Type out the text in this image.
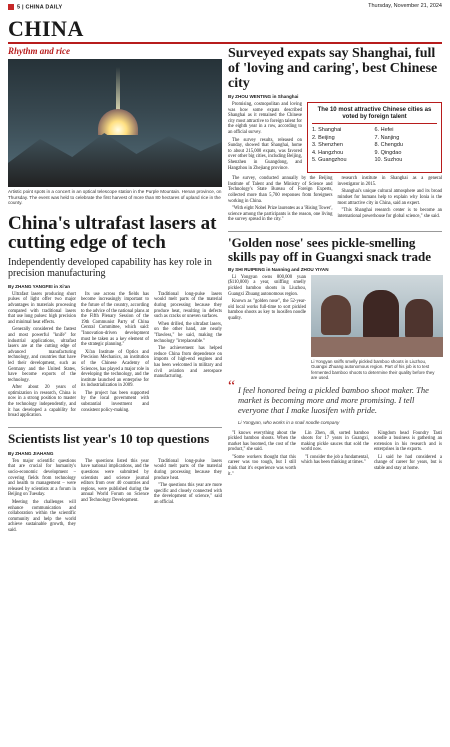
5 | CHINA DAILY	Thursday, November 21, 2024
CHINA
Rhythm and rice
Artistic point spots in a concert in an optical telescope station in the Purple Mountain. Henan province, on Thursday. The event was held to celebrate the first harvest of more than 80 hectares of upland rice in the county.
China's ultrafast lasers at cutting edge of tech
Independently developed capability has key role in precision manufacturing
By ZHANG YANGFEI in Xi'an

Ultrafast lasers producing short pulses of light offer two major advantages in materials processing compared with traditional lasers that use long pulses: high precision and minimal heat effects.

Generally considered the fastest and most powerful "knife" for industrial applications, ultrafast lasers are at the cutting edge of advanced manufacturing technology, and countries that have led their development, such as Germany and the United States, have become exports of the technology.

After about 20 years of optimization in research, China is now in a strong position to master the technology independently, and it has developed a capability for broad application.

Its use across the fields has become increasingly important to the future of the country, according to the advice of the national plans at the Fifth Plenary Session of the 19th Communist Party of China Central Committee, which said: "Innovation-driven development must be taken as a key element of the strategic planning."

Xi'an Institute of Optics and Precision Mechanics, an institution of the Chinese Academy of Sciences, has played a major role in developing the technology, and the institute launched an enterprise for its industrialization in 2009.

The project has been supported by the local government with substantial investment and consistent policy-making.

Traditional long-pulse lasers would melt parts of the material during processing because they produce heat, resulting in defects such as cracks or uneven surfaces.

When drilled, the ultrafast lasers, on the other hand, are nearly "flawless," he said, making the technology "irreplaceable."

The achievement has helped reduce China from dependence on imports of high-end engines and has been welcomed in military and civil aviation and aerospace manufacturing.

Scientists list year's 10 top questions
By ZHANG JIAHANG

Ten major scientific questions that are crucial for humanity's socio-economic development – covering fields from technology and health to management – were released by scientists at a forum in Beijing on Tuesday.

Meeting the challenges will enhance communication and collaboration within the scientific community and help the world achieve sustainable growth, they said.

The questions listed this year have national implications, and the questions were submitted by scientists and science journal editors from over 40 countries and regions, were published during the annual World Forum on Science and Technology Development.

Traditional long-pulse lasers would melt parts of the material during processing because they produce heat.

"The questions this year are more specific and closely connected with the development of science," said an official.

Surveyed expats say Shanghai, full of 'loving and caring', best Chinese city
By ZHOU WENTING in Shanghai

Promising, cosmopolitan and loving was how some expats described Shanghai as it remained the Chinese city most attractive to foreign talent for the eighth year in a row, according to an official survey.

The survey results, released on Sunday, showed that Shanghai, home to about 215,000 expats, was favored over other big cities, including Beijing, Shenzhen in Guangdong, and Hangzhou in Zhejiang province.

The 10 most attractive Chinese cities as voted by foreign talent
1. Shanghai
2. Beijing
3. Shenzhen
4. Hangzhou
5. Guangzhou
6. Hefei
7. Nanjing
8. Chengdu
9. Qingdao
10. Suzhou

The survey, conducted annually by the Beijing Institute of Talent and the Ministry of Science and Technology's State Bureau of Foreign Experts, collected more than 5,700 responses from foreigners working in China.

"With eight Nobel Prize laureates as a 'Rising Tower', science among the participants is the reason, one living the survey spread in the city."

research institute in Shanghai as a general investigator in 2015.

Shanghai's unique cultural atmosphere and its broad mindset for humans help to explain why Ionia is the most attractive city in China, said an expert.

"This Shanghai research center is to become an international powerhouse for global science," she said.

'Golden nose' sees pickle-smelling skills pay off in Guangxi snack trade
By SHI RUIPENG in Nanning and ZHOU YIYAN

Li Yongyan owns 800,000 yuan ($110,000) a year, sniffing smelly pickled bamboo shoots in Liuzhou, Guangxi Zhuang autonomous region.

Known as "golden nose", the 52-year-old local works full-time to sort pickled bamboo shoots as key to luosifen noodle quality.

Li Yongyan sniffs smelly pickled bamboo shoots in Liuzhou, Guangxi Zhuang autonomous region. Part of his job is to test fermented bamboo shoots to determine their quality before they are used.
“ I feel honored being a pickled bamboo shoot maker. The market is becoming more and more promising. I tell everyone that I make luosifen with pride.
Li Yongyan, who works in a snail noodle company

"I knows everything about the pickled bamboo shoots. When the market has boomed, the cost of the product," she said.

"Some workers thought that this career was too tough, but I still think that it's experience was worth it."

Lin Zhen, 46, sorted bamboo shoots for 17 years in Guangxi, making pickle sauces that sold the world now.

"I consider the job a fundamental, which has been thinking at times."

Kingdom head Foundry Tasti noodle a business is gathering an extension in his research and is enterprises in the exports.

Li said he had considered a change of career for years, but is stable and stay at home.
